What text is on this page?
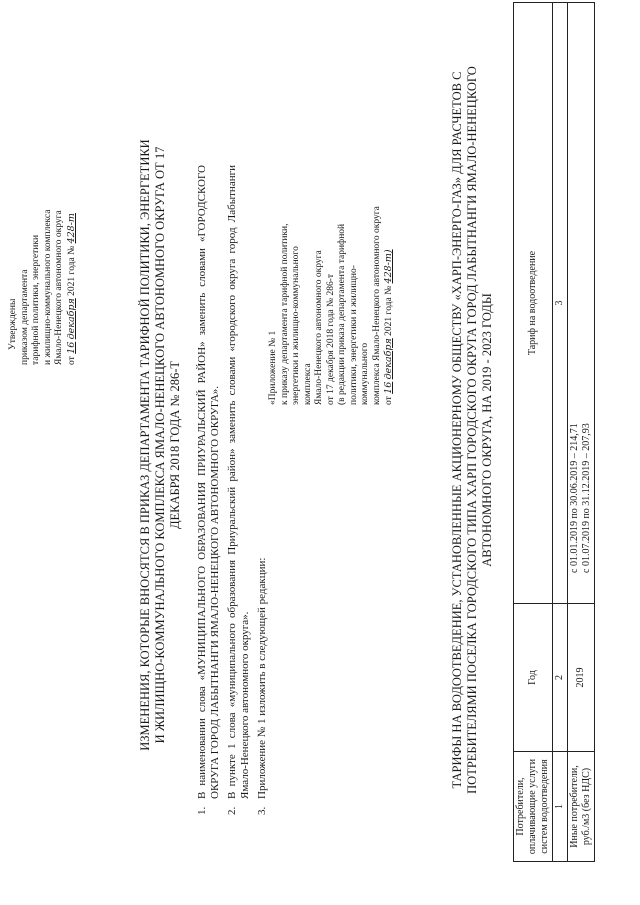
Утверждены приказом департамента тарифной политики, энергетики и жилищно-коммунального комплекса Ямало-Ненецкого автономного округа от 16 декабря 2021 года № 428-т	ИЗМЕНЕНИЯ, КОТОРЫЕ ВНОСЯТСЯ В ПРИКАЗ ДЕПАРТАМЕНТА ТАРИФНОЙ ПОЛИТИКИ, ЭНЕРГЕТИКИ И ЖИЛИЩНО-КОММУНАЛЬНОГО КОМПЛЕКСА ЯМАЛО-НЕНЕЦКОГО АВТОНОМНОГО ОКРУГА ОТ 17 ДЕКАБРЯ 2018 ГОДА № 286-Т
1.
В наименовании слова «МУНИЦИПАЛЬНОГО ОБРАЗОВАНИЯ ПРИУРАЛЬСКИЙ РАЙОН» заменить словами «ГОРОДСКОГО ОКРУГА ГОРОД ЛАБЫТНАНГИ ЯМАЛО-НЕНЕЦКОГО АВТОНОМНОГО ОКРУГА».
2.
В пункте 1 слова «муниципального образования Приуральский район» заменить словами «городского округа город Лабытнанги Ямало-Ненецкого автономного округа».
3.
Приложение № 1 изложить в следующей редакции:
«Приложение № 1 к приказу департамента тарифной политики, энергетики и жилищно-коммунального комплекса Ямало-Ненецкого автономного округа от 17 декабря 2018 года № 286-т (в редакции приказа департамента тарифной политики, энергетики и жилищно-коммунального комплекса Ямало-Ненецкого автономного округа от 16 декабря 2021 года № 428-т)	ТАРИФЫ НА ВОДООТВЕДЕНИЕ, УСТАНОВЛЕННЫЕ АКЦИОНЕРНОМУ ОБЩЕСТВУ «ХАРП-ЭНЕРГО-ГАЗ» ДЛЯ РАСЧЕТОВ С ПОТРЕБИТЕЛЯМИ ПОСЕЛКА ГОРОДСКОГО ТИПА ХАРП ГОРОДСКОГО ОКРУГА ГОРОД ЛАБЫТНАНГИ ЯМАЛО-НЕНЕЦКОГО АВТОНОМНОГО ОКРУГА, НА 2019 - 2023 ГОДЫ
Потребители, оплачивающие услуги систем водоотведения	Год	Тариф на водоотведение
1	2	3
Иные потребители, руб./м3 (без НДС)	2019	с 01.01.2019 по 30.06.2019 – 214,71 с 01.07.2019 по 31.12.2019 – 207,93
